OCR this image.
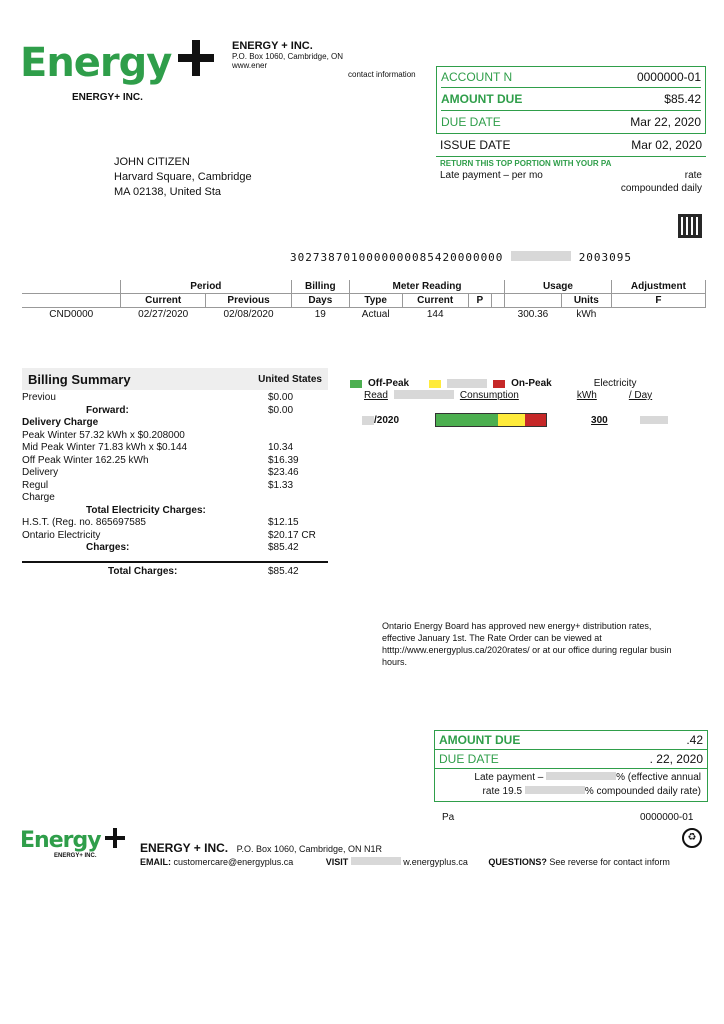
Energy
ENERGY+ INC.
ENERGY + INC.
P.O. Box 1060, Cambridge, ON
www.ener
contact information ACCOUNT N	0000000-01
AMOUNT DUE	$85.42
DUE DATE	Mar 22, 2020
ISSUE DATE	Mar 02, 2020
RETURN THIS TOP PORTION WITH YOUR PA
Late payment – per mo	rate
compounded daily
JOHN CITIZEN
Harvard Square, Cambridge
MA 02138, United Sta
3027387010000000085420000000	2003095
	Period		Billing	Meter Reading				Usage		Adjustment
	Current	Previous	Days	Type	Current	P			Units	F
CND0000	02/27/2020	02/08/2020	19	Actual	144			300.36	kWh	
Billing Summary	United States
Previou	$0.00
Forward:	$0.00
Delivery Charge
Peak Winter 57.32 kWh x $0.208000
Mid Peak Winter 71.83 kWh x $0.144	10.34
Off Peak Winter 162.25 kWh	$16.39
Delivery	$23.46
Regul	$1.33
Charge
Total Electricity Charges:
H.S.T. (Reg. no. 865697585	$12.15
Ontario Electricity	$20.17 CR
Charges:	$85.42
Total Charges:	$85.42
Off-Peak	On-Peak	Electricity
Read	Consumption	kWh	/ Day
/2020	300
Ontario Energy Board has approved new energy+ distribution rates,
effective January 1st. The Rate Order can be viewed at
htttp://www.energyplus.ca/2020rates/ or at our office during regular busin
hours.
AMOUNT DUE	.42
DUE DATE	. 22, 2020
Late payment –	% (effective annual
rate 19.5	% compounded daily rate)
Pa	0000000-01
♻
Energy
ENERGY+ INC.
ENERGY + INC. P.O. Box 1060, Cambridge, ON N1R
EMAIL: customercare@energyplus.ca	VISIT	w.energyplus.ca QUESTIONS? See reverse for contact inform
